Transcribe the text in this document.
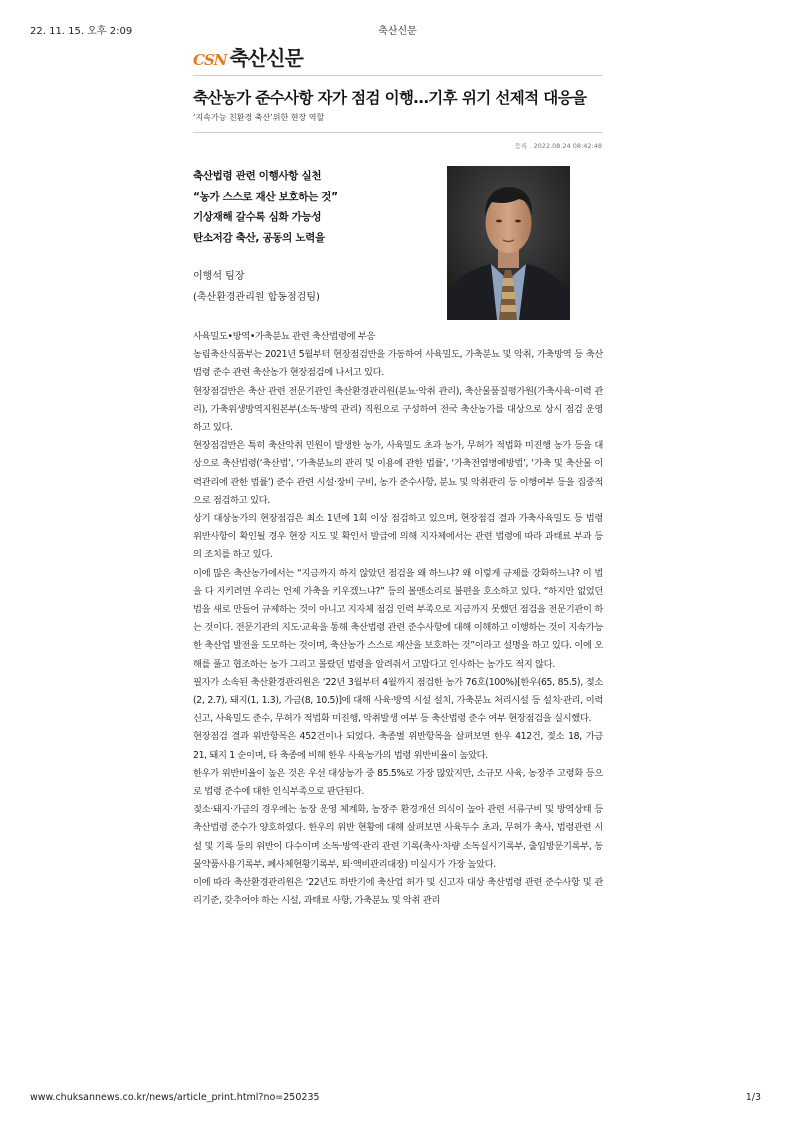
22. 11. 15. 오후 2:09	축산신문
CSN 축산신문
축산농가 준수사항 자가 점검 이행…기후 위기 선제적 대응을
‘지속가능 친환경 축산’위한 현장 역할
등록 2022.08.24 08:42:48
축산법령 관련 이행사항 실천
“농가 스스로 재산 보호하는 것”
기상재해 갈수록 심화 가능성
탄소저감 축산, 공동의 노력을
이행석 팀장
(축산환경관리원 합동점검팀)

사육밀도•방역•가축분뇨 관련 축산법령에 부응

농림축산식품부는 2021년 5월부터 현장점검반을 가동하여 사육밀도, 가축분뇨 및 악취, 가축방역 등 축산법령 준수 관련 축산농가 현장점검에 나서고 있다.

현장점검반은 축산 관련 전문기관인 축산환경관리원(분뇨·악취 관리), 축산물품질평가원(가축사육·이력 관리), 가축위생방역지원본부(소독·방역 관리) 직원으로 구성하여 전국 축산농가를 대상으로 상시 점검 운영하고 있다.

현장점검반은 특히 축산악취 민원이 발생한 농가, 사육밀도 초과 농가, 무허가 적법화 미진행 농가 등을 대상으로 축산법령(‘축산법’, ‘가축분뇨의 관리 및 이용에 관한 법률’, ‘가축전염병예방법’, ‘가축 및 축산물 이력관리에 관한 법률’) 준수 관련 시설·장비 구비, 농가 준수사항, 분뇨 및 악취관리 등 이행여부 등을 집중적으로 점검하고 있다.

상기 대상농가의 현장점검은 최소 1년에 1회 이상 점검하고 있으며, 현장점검 결과 가축사육밀도 등 법령 위반사항이 확인될 경우 현장 지도 및 확인서 발급에 의해 지자체에서는 관련 법령에 따라 과태료 부과 등의 조치를 하고 있다.

이에 많은 축산농가에서는 “지금까지 하지 않았던 점검을 왜 하느냐? 왜 이렇게 규제를 강화하느냐? 이 법을 다 지키려면 우리는 언제 가축을 키우겠느냐?” 등의 볼멘소리로 불편을 호소하고 있다. “하지만 없었던 법을 새로 만들어 규제하는 것이 아니고 지자체 점검 인력 부족으로 지금까지 못했던 점검을 전문기관이 하는 것이다. 전문기관의 지도·교육을 통해 축산법령 관련 준수사항에 대해 이해하고 이행하는 것이 지속가능한 축산업 발전을 도모하는 것이며, 축산농가 스스로 재산을 보호하는 것”이라고 설명을 하고 있다. 이에 오해를 풀고 협조하는 농가 그리고 몰랐던 법령을 알려줘서 고맙다고 인사하는 농가도 적지 않다.

필자가 소속된 축산환경관리원은 ‘22년 3월부터 4월까지 점검한 농가 76호(100%)[한우(65, 85.5), 젖소(2, 2.7), 돼지(1, 1.3), 가금(8, 10.5)]에 대해 사육·방역 시설 설치, 가축분뇨 처리시설 등 설치·관리, 이력신고, 사육밀도 준수, 무허가 적법화 미진행, 악취발생 여부 등 축산법령 준수 여부 현장점검을 실시했다.

현장점검 결과 위반항목은 452건이나 되었다. 축종별 위반항목을 살펴보면 한우 412건, 젖소 18, 가금 21, 돼지 1 순이며, 타 축종에 비해 한우 사육농가의 법령 위반비율이 높았다.

한우가 위반비율이 높은 것은 우선 대상농가 중 85.5%로 가장 많았지만, 소규모 사육, 농장주 고령화 등으로 법령 준수에 대한 인식부족으로 판단된다.

젖소·돼지·가금의 경우에는 농장 운영 체계화, 농장주 환경개선 의식이 높아 관련 서류구비 및 방역상태 등 축산법령 준수가 양호하였다. 한우의 위반 현황에 대해 살펴보면 사육두수 초과, 무허가 축사, 법령관련 시설 및 기록 등의 위반이 다수이며 소독·방역·관리 관련 기록(축사·차량 소독실시기록부, 출입방문기록부, 동물약품사용기록부, 폐사체현황기록부, 퇴·액비관리대장) 미실시가 가장 높았다.

이에 따라 축산환경관리원은 ‘22년도 하반기에 축산업 허가 및 신고자 대상 축산법령 관련 준수사항 및 관리기준, 갖추어야 하는 시설, 과태료 사항, 가축분뇨 및 악취 관리

www.chuksannews.co.kr/news/article_print.html?no=250235	1/3
